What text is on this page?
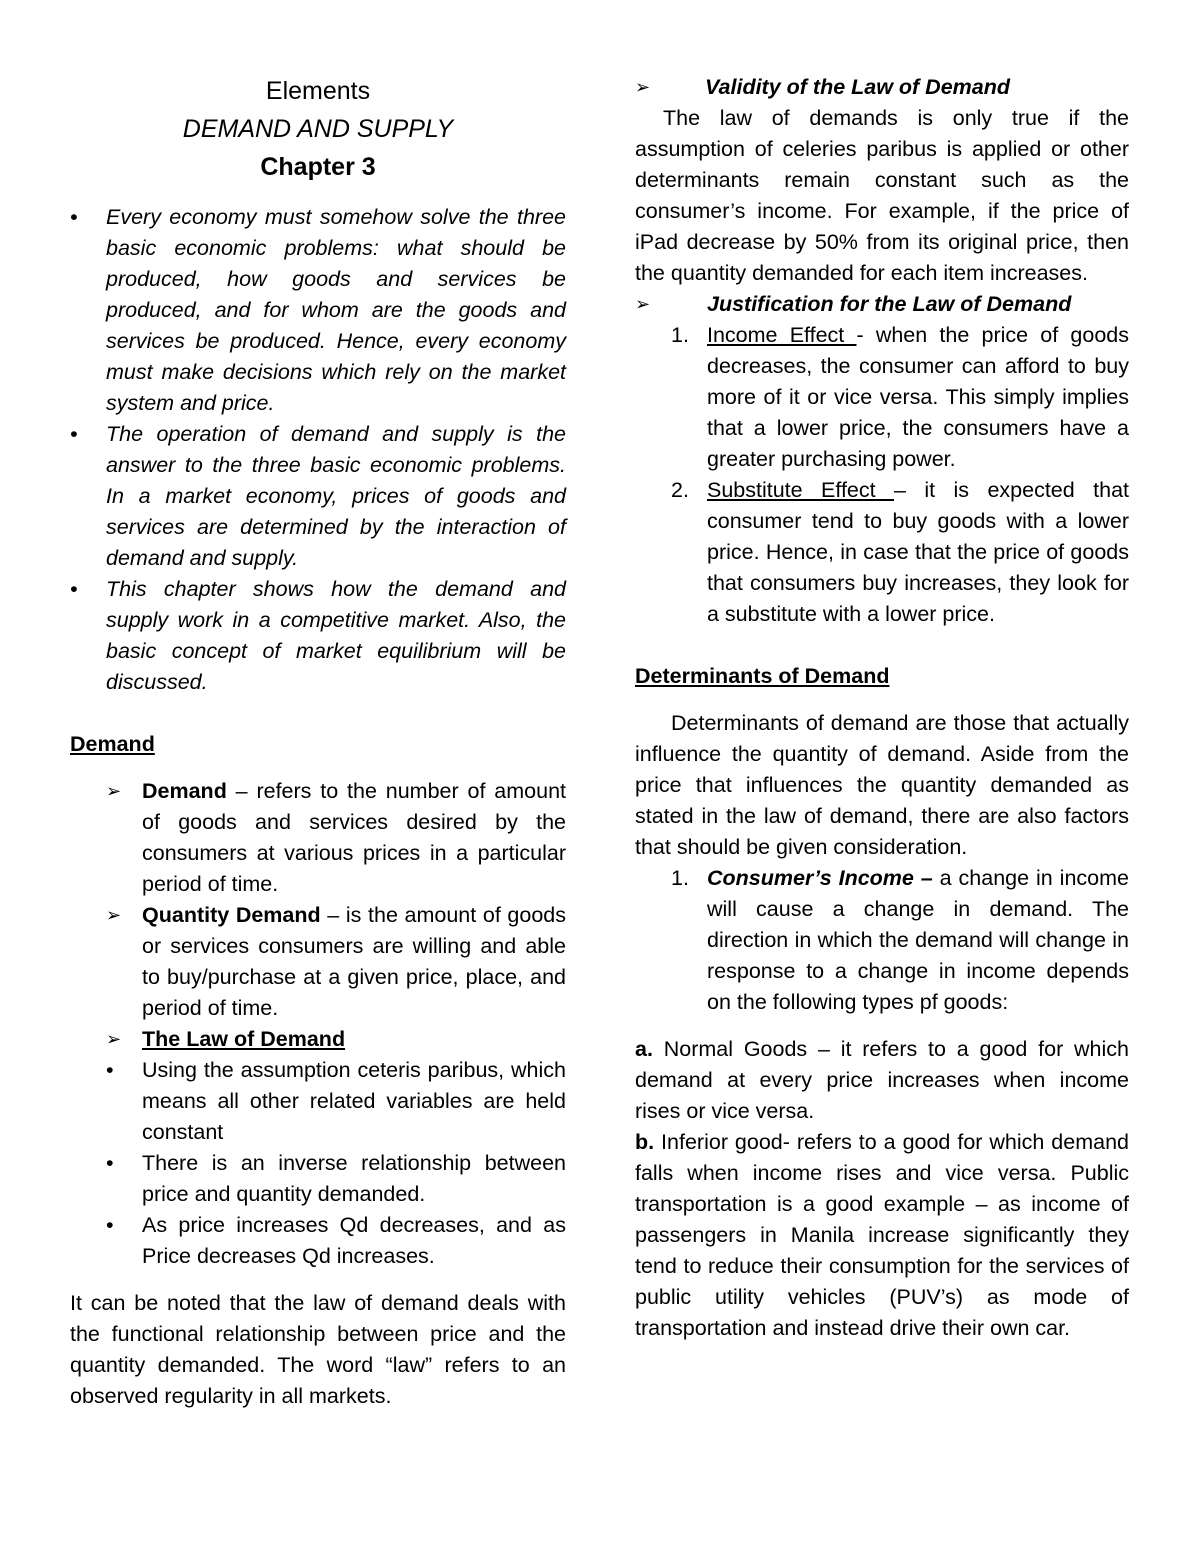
Elements
DEMAND AND SUPPLY
Chapter 3
•	Every economy must somehow solve the three basic economic problems: what should be produced, how goods and services be produced, and for whom are the goods and services be produced. Hence, every economy must make decisions which rely on the market system and price.
•	The operation of demand and supply is the answer to the three basic economic problems. In a market economy, prices of goods and services are determined by the interaction of demand and supply.
•	This chapter shows how the demand and supply work in a competitive market. Also, the basic concept of market equilibrium will be discussed.

Demand

➢ Demand – refers to the number of amount of goods and services desired by the consumers at various prices in a particular period of time.
➢ Quantity Demand – is the amount of goods or services consumers are willing and able to buy/purchase at a given price, place, and period of time.
➢ The Law of Demand
• Using the assumption ceteris paribus, which means all other related variables are held constant
• There is an inverse relationship between price and quantity demanded.
• As price increases Qd decreases, and as Price decreases Qd increases.

It can be noted that the law of demand deals with the functional relationship between price and the quantity demanded. The word “law” refers to an observed regularity in all markets.

➢	Validity of the Law of Demand

The law of demands is only true if the assumption of celeries paribus is applied or other determinants remain constant such as the consumer’s income. For example, if the price of iPad decrease by 50% from its original price, then the quantity demanded for each item increases.

➢	Justification for the Law of Demand
1. Income Effect - when the price of goods decreases, the consumer can afford to buy more of it or vice versa. This simply implies that a lower price, the consumers have a greater purchasing power.
2. Substitute Effect – it is expected that consumer tend to buy goods with a lower price. Hence, in case that the price of goods that consumers buy increases, they look for a substitute with a lower price.

Determinants of Demand

Determinants of demand are those that actually influence the quantity of demand. Aside from the price that influences the quantity demanded as stated in the law of demand, there are also factors that should be given consideration.

1. Consumer’s Income – a change in income will cause a change in demand. The direction in which the demand will change in response to a change in income depends on the following types pf goods:

a. Normal Goods – it refers to a good for which demand at every price increases when income rises or vice versa.

b. Inferior good- refers to a good for which demand falls when income rises and vice versa. Public transportation is a good example – as income of passengers in Manila increase significantly they tend to reduce their consumption for the services of public utility vehicles (PUV’s) as mode of transportation and instead drive their own car.
